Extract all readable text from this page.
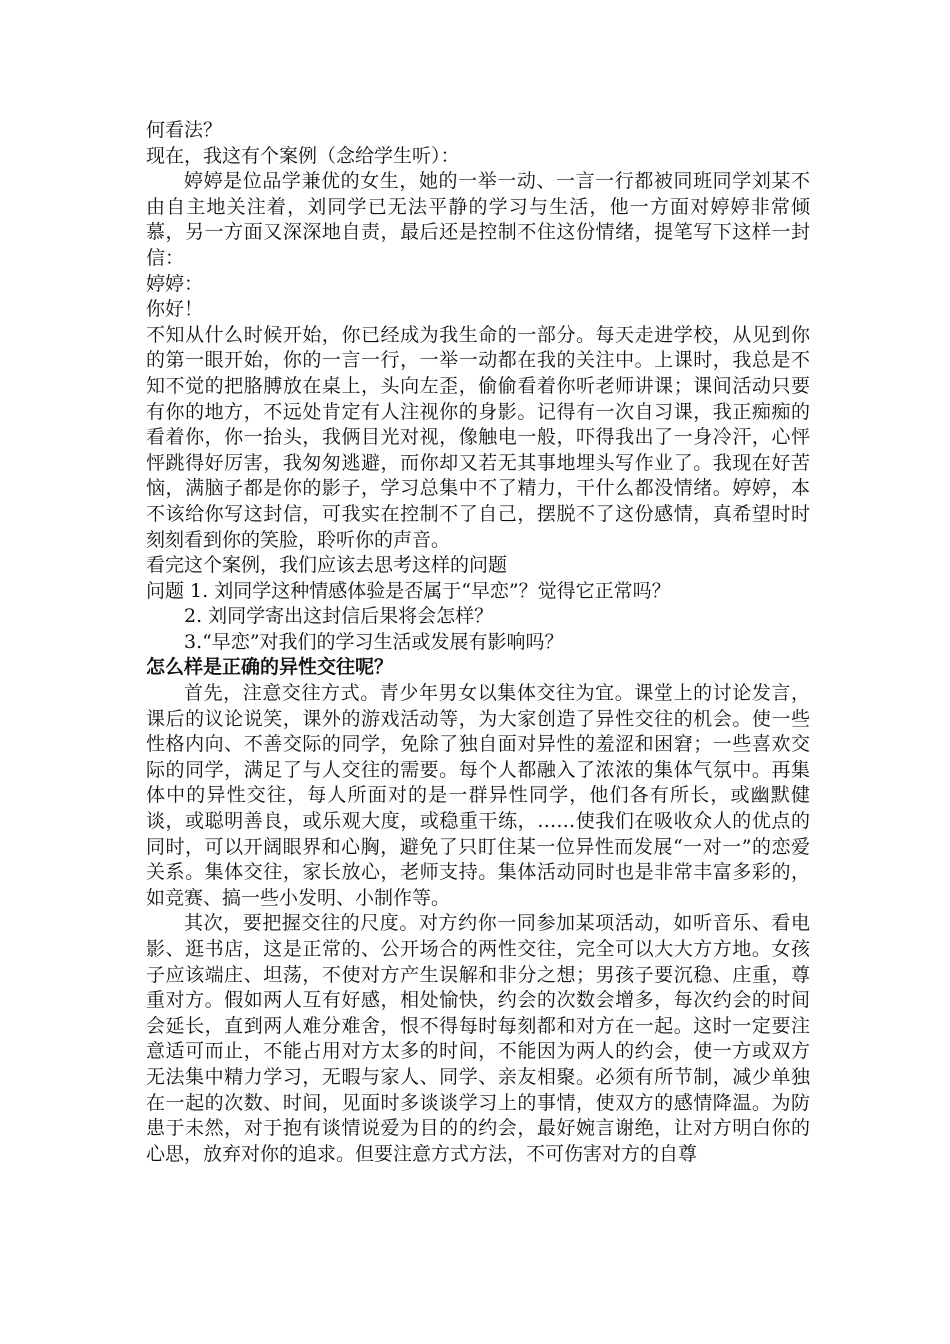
何看法？

现在，我这有个案例（念给学生听）：

婷婷是位品学兼优的女生，她的一举一动、一言一行都被同班同学刘某不由自主地关注着，刘同学已无法平静的学习与生活，他一方面对婷婷非常倾慕，另一方面又深深地自责，最后还是控制不住这份情绪，提笔写下这样一封信：

婷婷：

你好！

不知从什么时候开始，你已经成为我生命的一部分。每天走进学校，从见到你的第一眼开始，你的一言一行，一举一动都在我的关注中。上课时，我总是不知不觉的把胳膊放在桌上，头向左歪，偷偷看着你听老师讲课；课间活动只要有你的地方，不远处肯定有人注视你的身影。记得有一次自习课，我正痴痴的看着你，你一抬头，我俩目光对视，像触电一般，吓得我出了一身冷汗，心怦怦跳得好厉害，我匆匆逃避，而你却又若无其事地埋头写作业了。我现在好苦恼，满脑子都是你的影子，学习总集中不了精力，干什么都没情绪。婷婷，本不该给你写这封信，可我实在控制不了自己，摆脱不了这份感情，真希望时时刻刻看到你的笑脸，聆听你的声音。

看完这个案例，我们应该去思考这样的问题

问题 1. 刘同学这种情感体验是否属于“早恋”？觉得它正常吗？

2. 刘同学寄出这封信后果将会怎样？

3.“早恋”对我们的学习生活或发展有影响吗？

怎么样是正确的异性交往呢？

首先，注意交往方式。青少年男女以集体交往为宜。课堂上的讨论发言，课后的议论说笑，课外的游戏活动等，为大家创造了异性交往的机会。使一些性格内向、不善交际的同学，免除了独自面对异性的羞涩和困窘；一些喜欢交际的同学，满足了与人交往的需要。每个人都融入了浓浓的集体气氛中。再集体中的异性交往，每人所面对的是一群异性同学，他们各有所长，或幽默健谈，或聪明善良，或乐观大度，或稳重干练，……使我们在吸收众人的优点的同时，可以开阔眼界和心胸，避免了只盯住某一位异性而发展“一对一”的恋爱关系。集体交往，家长放心，老师支持。集体活动同时也是非常丰富多彩的，如竞赛、搞一些小发明、小制作等。

其次，要把握交往的尺度。对方约你一同参加某项活动，如听音乐、看电影、逛书店，这是正常的、公开场合的两性交往，完全可以大大方方地。女孩子应该端庄、坦荡，不使对方产生误解和非分之想；男孩子要沉稳、庄重，尊重对方。假如两人互有好感，相处愉快，约会的次数会增多，每次约会的时间会延长，直到两人难分难舍，恨不得每时每刻都和对方在一起。这时一定要注意适可而止，不能占用对方太多的时间，不能因为两人的约会，使一方或双方无法集中精力学习，无暇与家人、同学、亲友相聚。必须有所节制，减少单独在一起的次数、时间，见面时多谈谈学习上的事情，使双方的感情降温。为防患于未然，对于抱有谈情说爱为目的的约会，最好婉言谢绝，让对方明白你的心思，放弃对你的追求。但要注意方式方法，不可伤害对方的自尊
